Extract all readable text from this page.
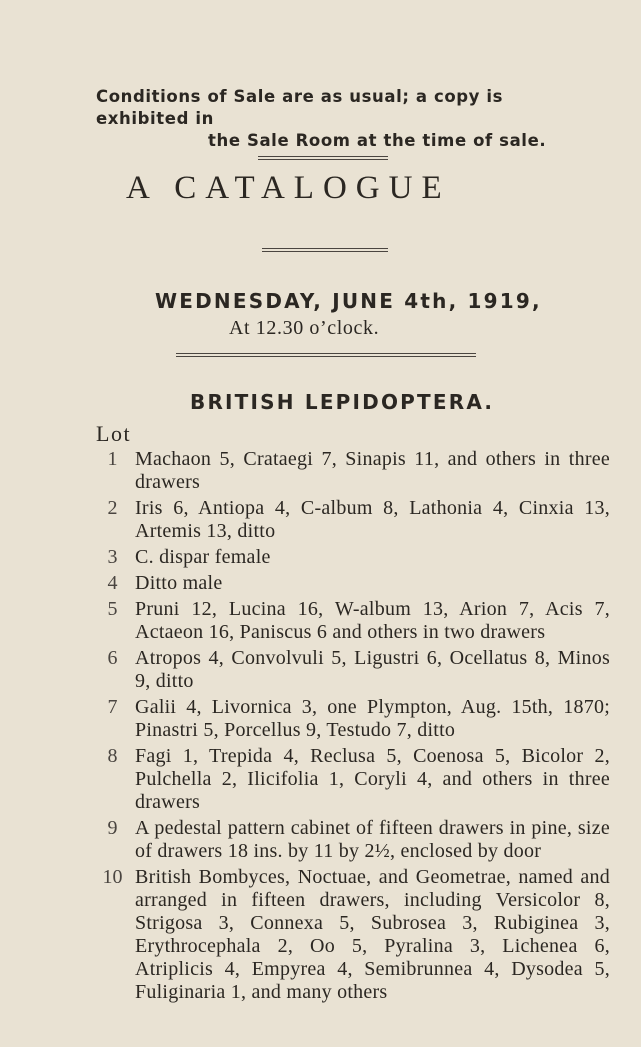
Conditions of Sale are as usual; a copy is exhibited in
the Sale Room at the time of sale.
A CATALOGUE
WEDNESDAY, JUNE 4th, 1919,
At 12.30 o’clock.
BRITISH LEPIDOPTERA.
Lot
1 Machaon 5, Crataegi 7, Sinapis 11, and others in three drawers
2 Iris 6, Antiopa 4, C-album 8, Lathonia 4, Cinxia 13, Artemis 13, ditto
3 C. dispar female
4 Ditto male
5 Pruni 12, Lucina 16, W-album 13, Arion 7, Acis 7, Actaeon 16, Paniscus 6 and others in two drawers
6 Atropos 4, Convolvuli 5, Ligustri 6, Ocellatus 8, Minos 9, ditto
7 Galii 4, Livornica 3, one Plympton, Aug. 15th, 1870; Pinastri 5, Porcellus 9, Testudo 7, ditto
8 Fagi 1, Trepida 4, Reclusa 5, Coenosa 5, Bicolor 2, Pulchella 2, Ilicifolia 1, Coryli 4, and others in three drawers
9 A pedestal pattern cabinet of fifteen drawers in pine, size of drawers 18 ins. by 11 by 2½, enclosed by door
10 British Bombyces, Noctuae, and Geometrae, named and arranged in fifteen drawers, including Versicolor 8, Strigosa 3, Connexa 5, Subrosea 3, Rubiginea 3, Erythrocephala 2, Oo 5, Pyralina 3, Lichenea 6, Atriplicis 4, Empyrea 4, Semibrunnea 4, Dysodea 5, Fuliginaria 1, and many others
